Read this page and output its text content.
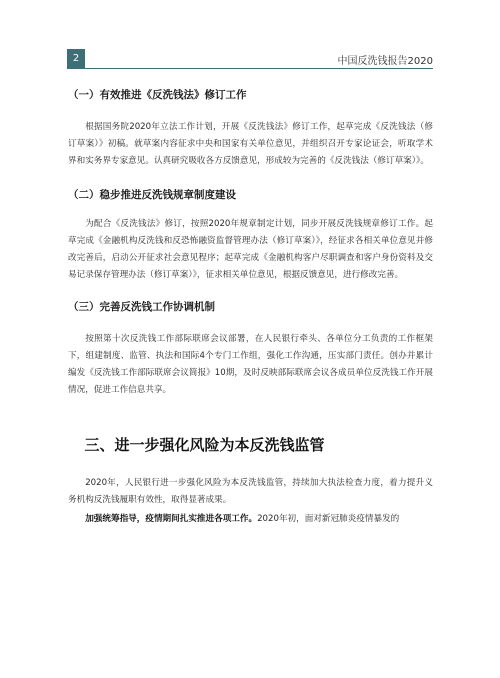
2	中国反洗钱报告2020
（一）有效推进《反洗钱法》修订工作

根据国务院2020年立法工作计划，开展《反洗钱法》修订工作，起草完成《反洗钱法（修订草案）》初稿。就草案内容征求中央和国家有关单位意见，并组织召开专家论证会，听取学术界和实务界专家意见。认真研究吸收各方反馈意见，形成较为完善的《反洗钱法（修订草案）》。

（二）稳步推进反洗钱规章制度建设

为配合《反洗钱法》修订，按照2020年规章制定计划，同步开展反洗钱规章修订工作。起草完成《金融机构反洗钱和反恐怖融资监督管理办法（修订草案）》，经征求各相关单位意见并修改完善后，启动公开征求社会意见程序；起草完成《金融机构客户尽职调查和客户身份资料及交易记录保存管理办法（修订草案）》，征求相关单位意见，根据反馈意见，进行修改完善。

（三）完善反洗钱工作协调机制

按照第十次反洗钱工作部际联席会议部署，在人民银行牵头、各单位分工负责的工作框架下，组建制度、监管、执法和国际4个专门工作组，强化工作沟通，压实部门责任。创办并累计编发《反洗钱工作部际联席会议简报》10期，及时反映部际联席会议各成员单位反洗钱工作开展情况，促进工作信息共享。

三、进一步强化风险为本反洗钱监管

2020年，人民银行进一步强化风险为本反洗钱监管，持续加大执法检查力度，着力提升义务机构反洗钱履职有效性，取得显著成果。

加强统筹指导，疫情期间扎实推进各项工作。2020年初，面对新冠肺炎疫情暴发的
